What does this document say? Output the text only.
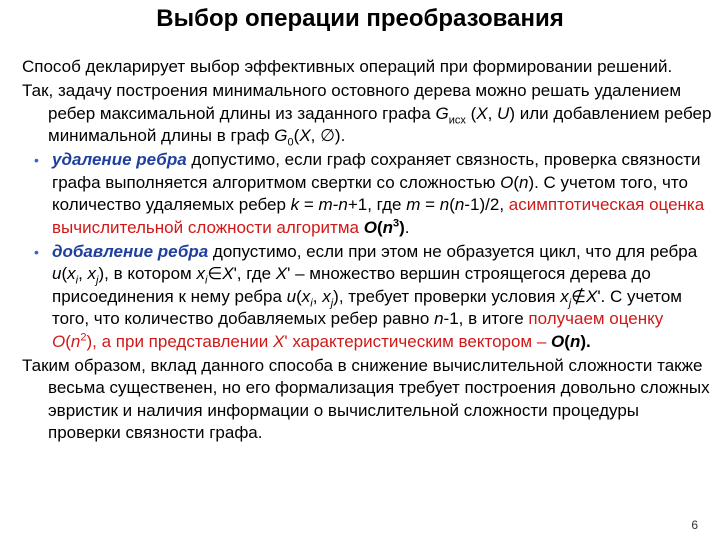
Выбор операции преобразования

Способ декларирует выбор эффективных операций при формировании решений.

Так, задачу построения минимального остовного дерева можно решать удалением ребер максимальной длины из заданного графа $G_{исх}$ (X, U) или добавлением ребер минимальной длины в граф $G_0(X$, ∅).

• удаление ребра допустимо, если граф сохраняет связность, проверка связности графа выполняется алгоритмом свертки со сложностью O(n). С учетом того, что количество удаляемых ребер k = m-n+1, где m = n(n-1)/2, асимптотическая оценка вычислительной сложности алгоритма $O(n^3)$.

• добавление ребра допустимо, если при этом не образуется цикл, что для ребра $u(x_i$, $x_j$), в котором $x_i\in X'$, где X' – множество вершин строящегося дерева до присоединения к нему ребра $u(x_i$, $x_j$), требует проверки условия $x_j\notin X'$. С учетом того, что количество добавляемых ребер равно n-1, в итоге получаем оценку $O(n^2)$, а при представлении X' характеристическим вектором – O(n).

Таким образом, вклад данного способа в снижение вычислительной сложности также весьма существенен, но его формализация требует построения довольно сложных эвристик и наличия информации о вычислительной сложности процедуры проверки связности графа.

6
